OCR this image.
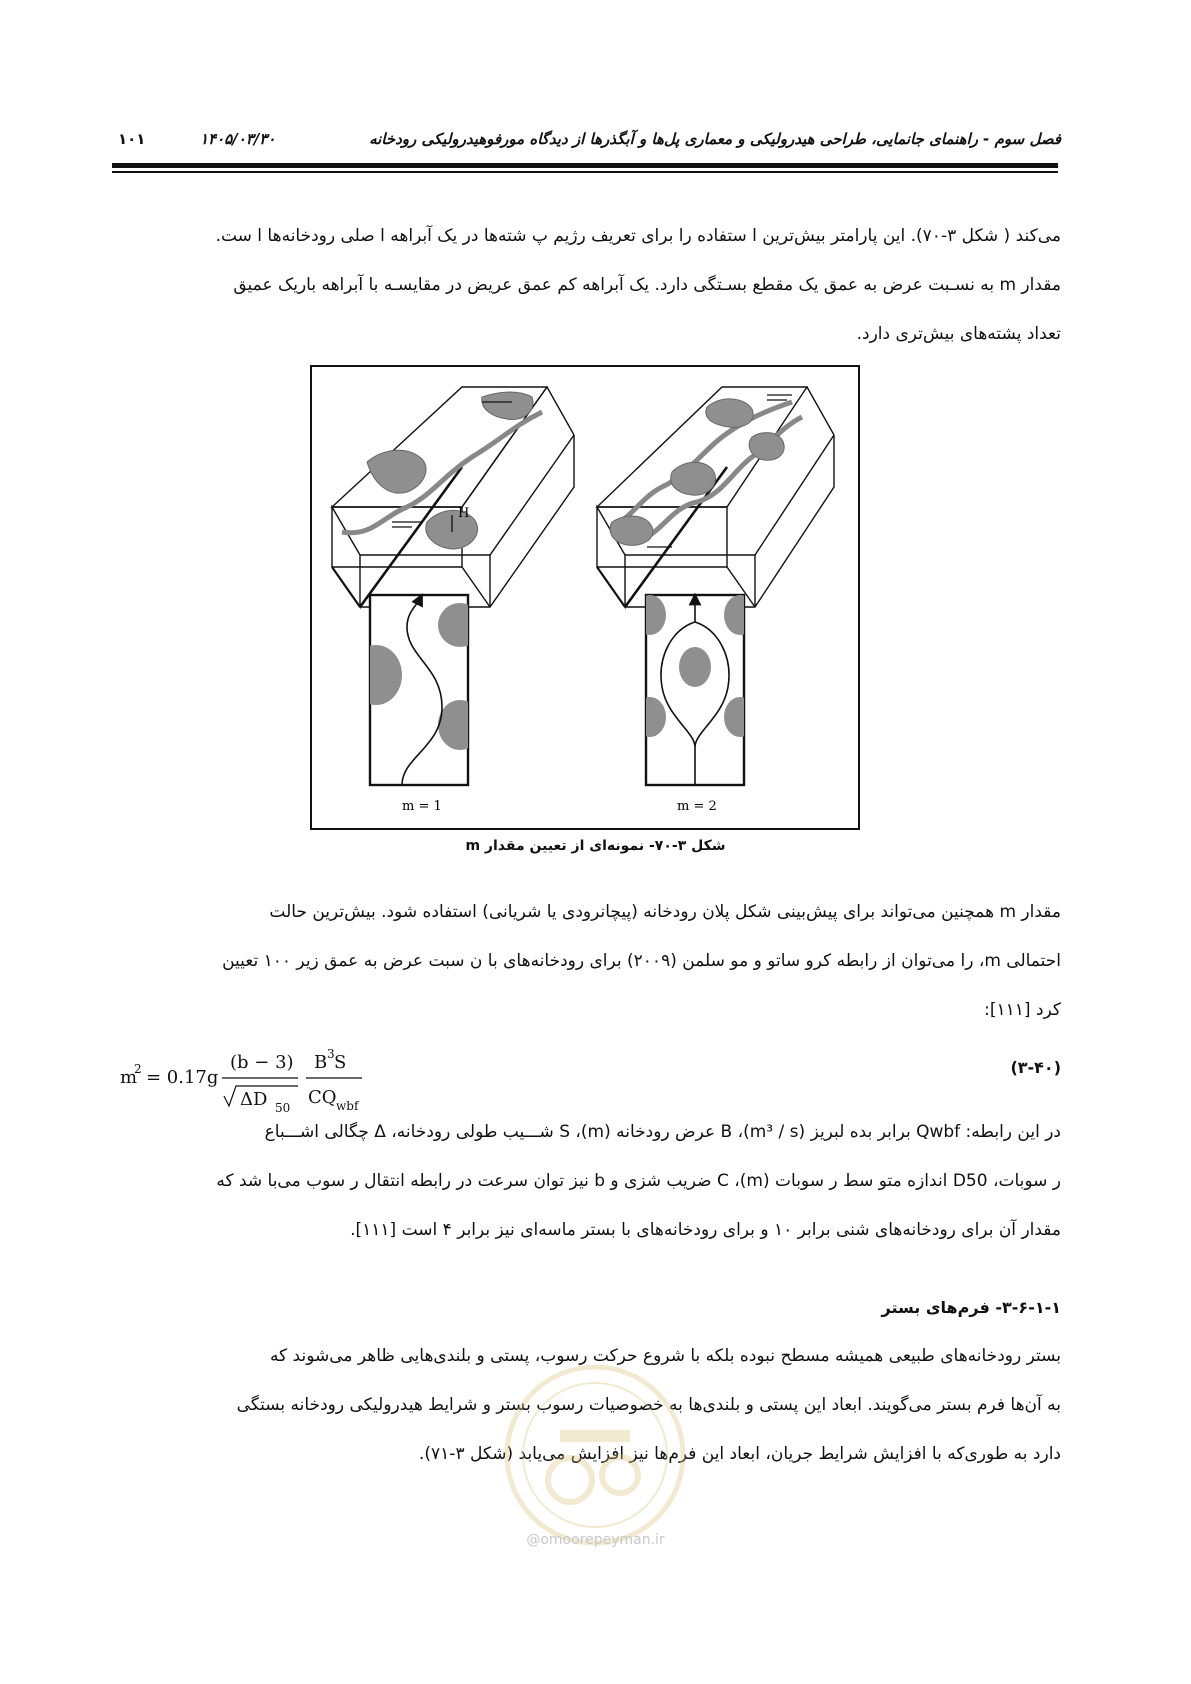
فصل سوم - راهنمای جانمایی، طراحی هیدرولیکی و معماری پل‌ها و آبگذرها از دیدگاه مورفوهیدرولیکی رودخانه
۱۴۰۵/۰۳/۳۰
۱۰۱

می‌کند ( شکل ۳-۷۰). این پارامتر بیش‌ترین ا ستفاده را برای تعریف رژیم پ شته‌ها در یک آبراهه ا صلی رودخانه‌ها ا ست.

مقدار m به نسـبت عرض به عمق یک مقطع بسـتگی دارد. یک آبراهه کم عمق عریض در مقایسـه با آبراهه باریک عمیق

تعداد پشته‌های بیش‌تری دارد.

H
m = 1	m = 2
شکل ۳-۷۰- نمونه‌ای از تعیین مقدار m

مقدار m همچنین می‌تواند برای پیش‌بینی شکل پلان رودخانه (پیچانرودی یا شریانی) استفاده شود. بیش‌ترین حالت

احتمالی m، را می‌توان از رابطه کرو ساتو و مو سلمن (۲۰۰۹) برای رودخانه‌های با ن سبت عرض به عمق زیر ۱۰۰ تعیین

کرد [۱۱۱]:

m
2 = 0.17g
(b − 3)
ΔD 50
B 3 S
CQ wbf
(۳-۴۰)

در این رابطه: Qwbf برابر بده لبریز (m³ / s)، B عرض رودخانه (m)، S شـــیب طولی رودخانه، Δ چگالی اشـــباع

ر سوبات، D50 اندازه متو سط ر سوبات (m)، C ضریب شزی و b نیز توان سرعت در رابطه انتقال ر سوب می‌با شد که

مقدار آن برای رودخانه‌های شنی برابر ۱۰ و برای رودخانه‌های با بستر ماسه‌ای نیز برابر ۴ است [۱۱۱].

۳-۶-۱-۱- فرم‌های بستر

بستر رودخانه‌های طبیعی همیشه مسطح نبوده بلکه با شروع حرکت رسوب، پستی و بلندی‌هایی ظاهر می‌شوند که

به آن‌ها فرم بستر می‌گویند. ابعاد این پستی و بلندی‌ها به خصوصیات رسوب بستر و شرایط هیدرولیکی رودخانه بستگی

دارد به طوری‌که با افزایش شرایط جریان، ابعاد این فرم‌ها نیز افزایش می‌یابد (شکل ۳-۷۱).

@omoorepeyman.ir
